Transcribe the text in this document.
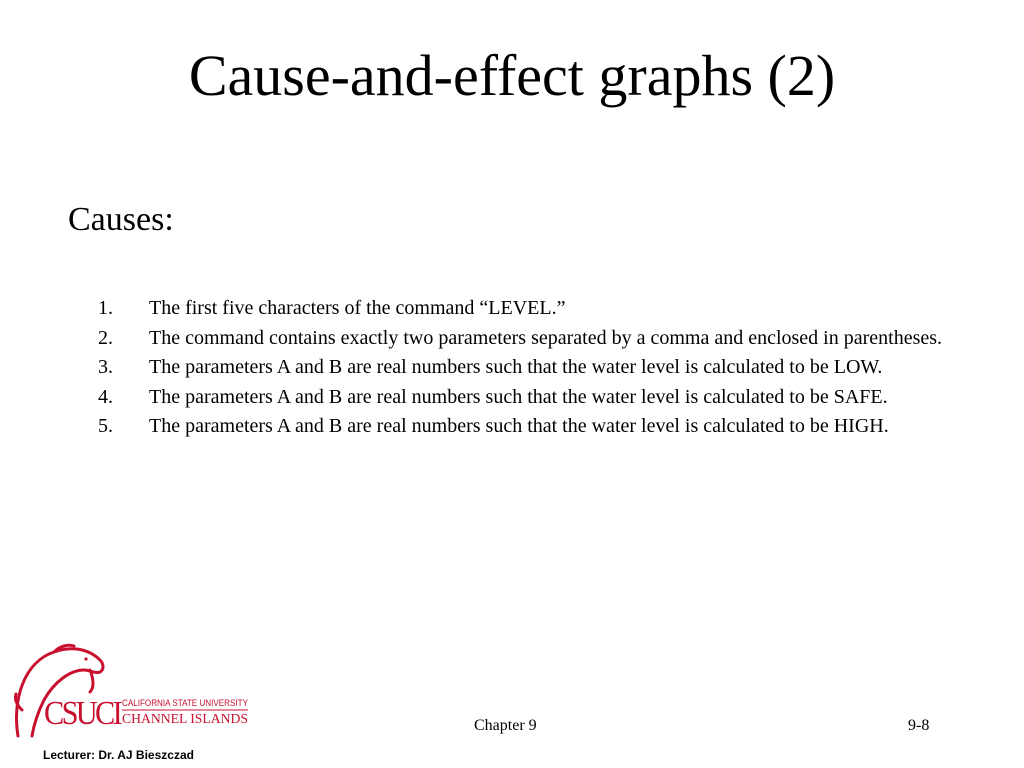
Cause-and-effect graphs (2)
Causes:
1. The first five characters of the command “LEVEL.”
2. The command contains exactly two parameters separated by a comma and enclosed in parentheses.
3. The parameters A and B are real numbers such that the water level is calculated to be LOW.
4. The parameters A and B are real numbers such that the water level is calculated to be SAFE.
5. The parameters A and B are real numbers such that the water level is calculated to be HIGH.
CSUCI CALIFORNIA STATE UNIVERSITY
CHANNEL ISLANDS	Chapter 9	9-8
Lecturer: Dr. AJ Bieszczad
